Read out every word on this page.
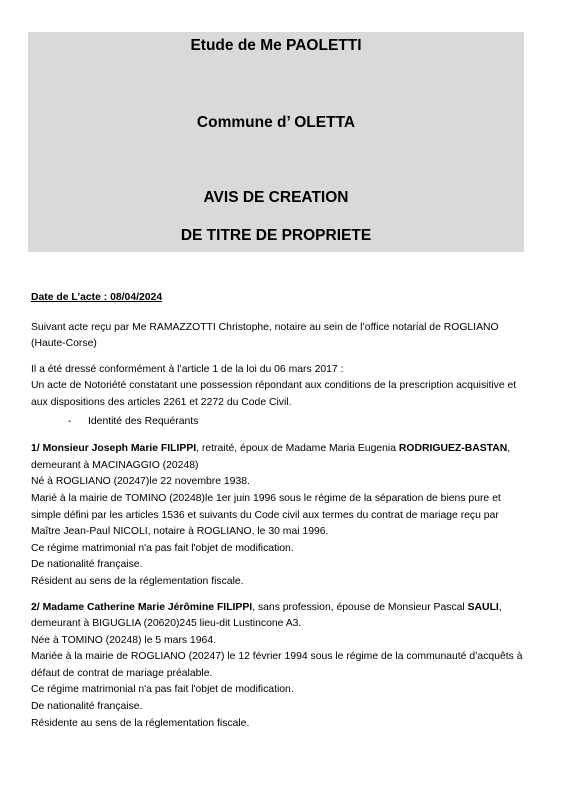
Etude de Me PAOLETTI
Commune d’ OLETTA
AVIS DE CREATION
DE TITRE DE PROPRIETE

Date de L’acte : 08/04/2024

Suivant acte reçu par Me RAMAZZOTTI Christophe, notaire au sein de l’office notarial de ROGLIANO (Haute-Corse)

Il a été dressé conformément à l’article 1 de la loi du 06 mars 2017 :

Un acte de Notoriété constatant une possession répondant aux conditions de la prescription acquisitive et aux dispositions des articles 2261 et 2272 du Code Civil.

- Identité des Requérants

1/ Monsieur Joseph Marie FILIPPI, retraité, époux de Madame Maria Eugenia RODRIGUEZ-BASTAN, demeurant à MACINAGGIO (20248)

Né à ROGLIANO (20247)le 22 novembre 1938.

Marié à la mairie de TOMINO (20248)le 1er juin 1996 sous le régime de la séparation de biens pure et simple défini par les articles 1536 et suivants du Code civil aux termes du contrat de mariage reçu par Maître Jean-Paul NICOLI, notaire à ROGLIANO, le 30 mai 1996.

Ce régime matrimonial n'a pas fait l'objet de modification.

De nationalité française.

Résident au sens de la réglementation fiscale.

2/ Madame Catherine Marie Jérômine FILIPPI, sans profession, épouse de Monsieur Pascal SAULI, demeurant à BIGUGLIA (20620)245 lieu-dit Lustincone A3.

Née à TOMINO (20248) le 5 mars 1964.

Mariée à la mairie de ROGLIANO (20247) le 12 février 1994 sous le régime de la communauté d’acquêts à défaut de contrat de mariage préalable.

Ce régime matrimonial n'a pas fait l'objet de modification.

De nationalité française.

Résidente au sens de la réglementation fiscale.
